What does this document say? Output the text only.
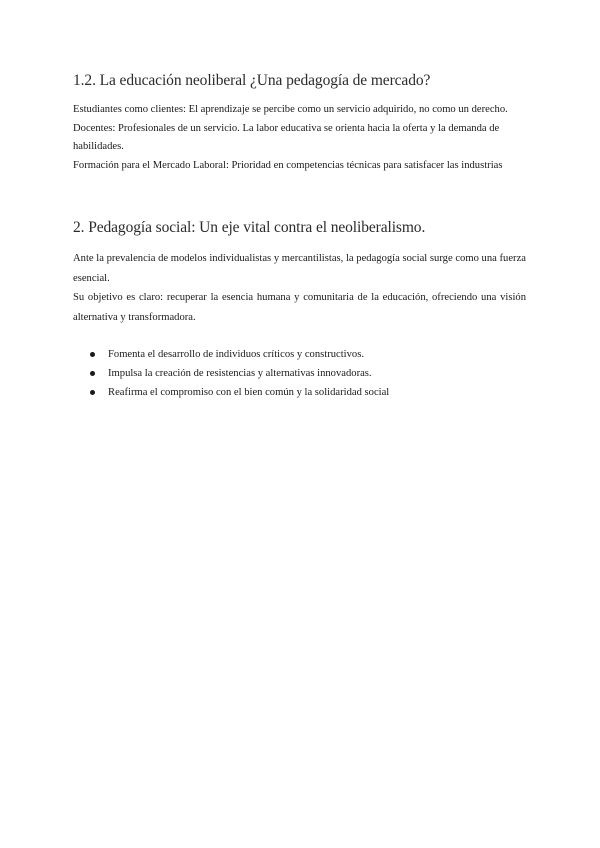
1.2. La educación neoliberal ¿Una pedagogía de mercado?

Estudiantes como clientes: El aprendizaje se percibe como un servicio adquirido, no como un derecho.

Docentes: Profesionales de un servicio. La labor educativa se orienta hacia la oferta y la demanda de habilidades.

Formación para el Mercado Laboral: Prioridad en competencias técnicas para satisfacer las industrias

2. Pedagogía social: Un eje vital contra el neoliberalismo.

Ante la prevalencia de modelos individualistas y mercantilistas, la pedagogía social surge como una fuerza esencial.

Su objetivo es claro: recuperar la esencia humana y comunitaria de la educación, ofreciendo una visión alternativa y transformadora.

Fomenta el desarrollo de individuos críticos y constructivos.
Impulsa la creación de resistencias y alternativas innovadoras.
Reafirma el compromiso con el bien común y la solidaridad social
